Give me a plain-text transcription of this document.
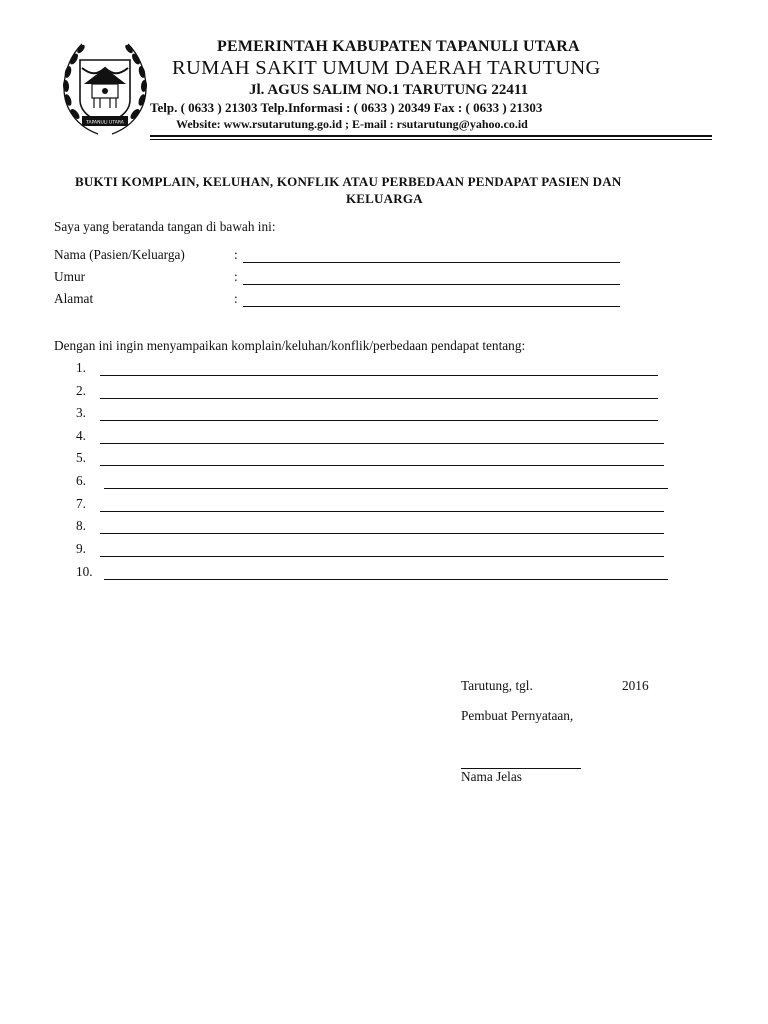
TAPANULI UTARA
PEMERINTAH KABUPATEN TAPANULI UTARA
RUMAH SAKIT UMUM DAERAH TARUTUNG
Jl. AGUS SALIM NO.1 TARUTUNG 22411
Telp. ( 0633 ) 21303 Telp.Informasi : ( 0633 ) 20349 Fax : ( 0633 ) 21303
Website: www.rsutarutung.go.id ; E-mail : rsutarutung@yahoo.co.id
BUKTI KOMPLAIN, KELUHAN, KONFLIK ATAU PERBEDAAN PENDAPAT PASIEN DAN
KELUARGA
Saya yang beratanda tangan di bawah ini:
Nama (Pasien/Keluarga)	:
Umur	:
Alamat	:
Dengan ini ingin menyampaikan komplain/keluhan/konflik/perbedaan pendapat tentang:
1.
2.
3.
4.
5.
6.
7.
8.
9.
10.
Tarutung, tgl.	2016
Pembuat Pernyataan,
Nama Jelas
